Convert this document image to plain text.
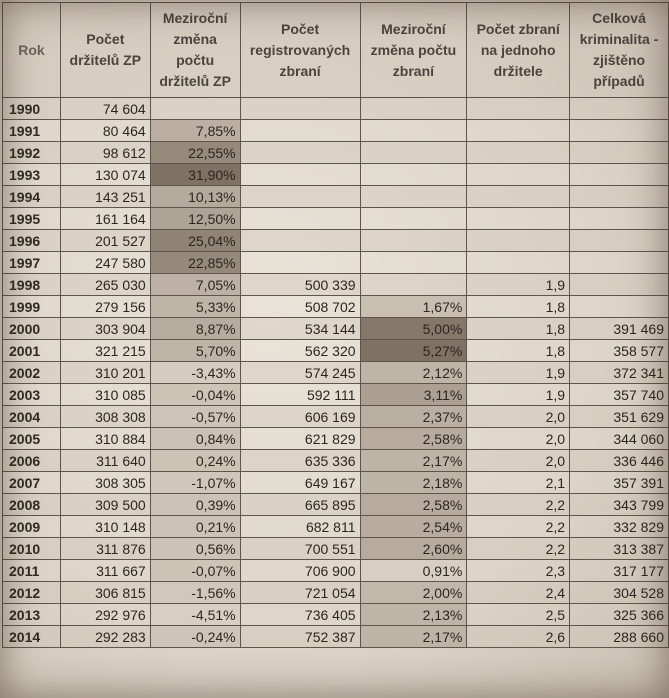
Rok	Počet držitelů ZP	Meziroční změna počtu držitelů ZP	Počet registrovaných zbraní	Meziroční změna počtu zbraní	Počet zbraní na jednoho držitele	Celková kriminalita - zjištěno případů
1990	74 604					
1991	80 464	7,85%				
1992	98 612	22,55%				
1993	130 074	31,90%				
1994	143 251	10,13%				
1995	161 164	12,50%				
1996	201 527	25,04%				
1997	247 580	22,85%				
1998	265 030	7,05%	500 339		1,9	
1999	279 156	5,33%	508 702	1,67%	1,8	
2000	303 904	8,87%	534 144	5,00%	1,8	391 469
2001	321 215	5,70%	562 320	5,27%	1,8	358 577
2002	310 201	-3,43%	574 245	2,12%	1,9	372 341
2003	310 085	-0,04%	592 111	3,11%	1,9	357 740
2004	308 308	-0,57%	606 169	2,37%	2,0	351 629
2005	310 884	0,84%	621 829	2,58%	2,0	344 060
2006	311 640	0,24%	635 336	2,17%	2,0	336 446
2007	308 305	-1,07%	649 167	2,18%	2,1	357 391
2008	309 500	0,39%	665 895	2,58%	2,2	343 799
2009	310 148	0,21%	682 811	2,54%	2,2	332 829
2010	311 876	0,56%	700 551	2,60%	2,2	313 387
2011	311 667	-0,07%	706 900	0,91%	2,3	317 177
2012	306 815	-1,56%	721 054	2,00%	2,4	304 528
2013	292 976	-4,51%	736 405	2,13%	2,5	325 366
2014	292 283	-0,24%	752 387	2,17%	2,6	288 660
